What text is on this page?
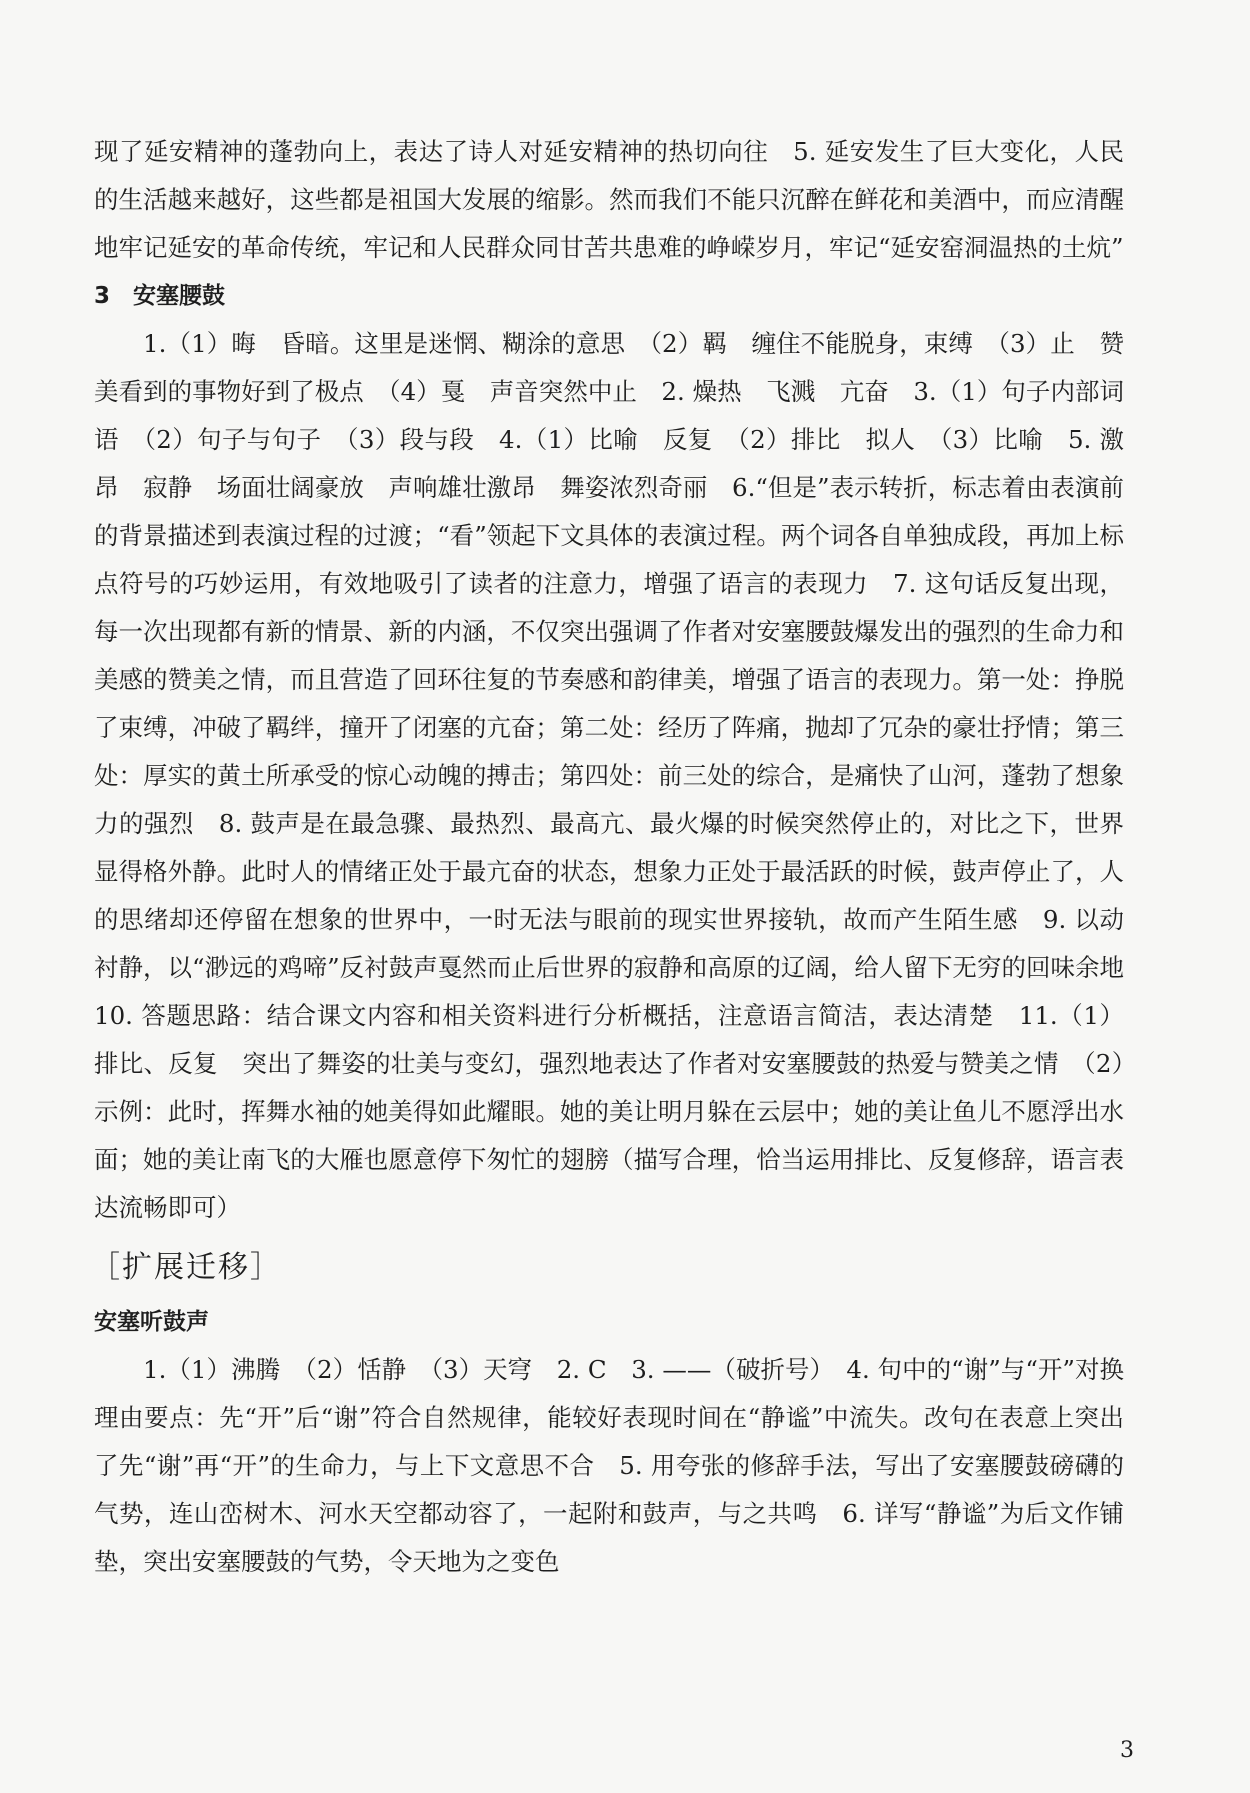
现了延安精神的蓬勃向上，表达了诗人对延安精神的热切向往　5. 延安发生了巨大变化，人民的生活越来越好，这些都是祖国大发展的缩影。然而我们不能只沉醉在鲜花和美酒中，而应清醒地牢记延安的革命传统，牢记和人民群众同甘苦共患难的峥嵘岁月，牢记“延安窑洞温热的土炕”

3　安塞腰鼓

1.（1）晦　昏暗。这里是迷惘、糊涂的意思　（2）羁　缠住不能脱身，束缚　（3）止　赞美看到的事物好到了极点　（4）戛　声音突然中止　2. 燥热　飞溅　亢奋　3.（1）句子内部词语　（2）句子与句子　（3）段与段　4.（1）比喻　反复　（2）排比　拟人　（3）比喻　5. 激昂　寂静　场面壮阔豪放　声响雄壮激昂　舞姿浓烈奇丽　6.“但是”表示转折，标志着由表演前的背景描述到表演过程的过渡；“看”领起下文具体的表演过程。两个词各自单独成段，再加上标点符号的巧妙运用，有效地吸引了读者的注意力，增强了语言的表现力　7. 这句话反复出现，每一次出现都有新的情景、新的内涵，不仅突出强调了作者对安塞腰鼓爆发出的强烈的生命力和美感的赞美之情，而且营造了回环往复的节奏感和韵律美，增强了语言的表现力。第一处：挣脱了束缚，冲破了羁绊，撞开了闭塞的亢奋；第二处：经历了阵痛，抛却了冗杂的豪壮抒情；第三处：厚实的黄土所承受的惊心动魄的搏击；第四处：前三处的综合，是痛快了山河，蓬勃了想象力的强烈　8. 鼓声是在最急骤、最热烈、最高亢、最火爆的时候突然停止的，对比之下，世界显得格外静。此时人的情绪正处于最亢奋的状态，想象力正处于最活跃的时候，鼓声停止了，人的思绪却还停留在想象的世界中，一时无法与眼前的现实世界接轨，故而产生陌生感　9. 以动衬静，以“渺远的鸡啼”反衬鼓声戛然而止后世界的寂静和高原的辽阔，给人留下无穷的回味余地　10. 答题思路：结合课文内容和相关资料进行分析概括，注意语言简洁，表达清楚　11.（1）排比、反复　突出了舞姿的壮美与变幻，强烈地表达了作者对安塞腰鼓的热爱与赞美之情　（2）示例：此时，挥舞水袖的她美得如此耀眼。她的美让明月躲在云层中；她的美让鱼儿不愿浮出水面；她的美让南飞的大雁也愿意停下匆忙的翅膀（描写合理，恰当运用排比、反复修辞，语言表达流畅即可）

［扩展迁移］

安塞听鼓声

1.（1）沸腾　（2）恬静　（3）天穹　2. C　3. ——（破折号）　4. 句中的“谢”与“开”对换　理由要点：先“开”后“谢”符合自然规律，能较好表现时间在“静谧”中流失。改句在表意上突出了先“谢”再“开”的生命力，与上下文意思不合　5. 用夸张的修辞手法，写出了安塞腰鼓磅礴的气势，连山峦树木、河水天空都动容了，一起附和鼓声，与之共鸣　6. 详写“静谧”为后文作铺垫，突出安塞腰鼓的气势，令天地为之变色

3
